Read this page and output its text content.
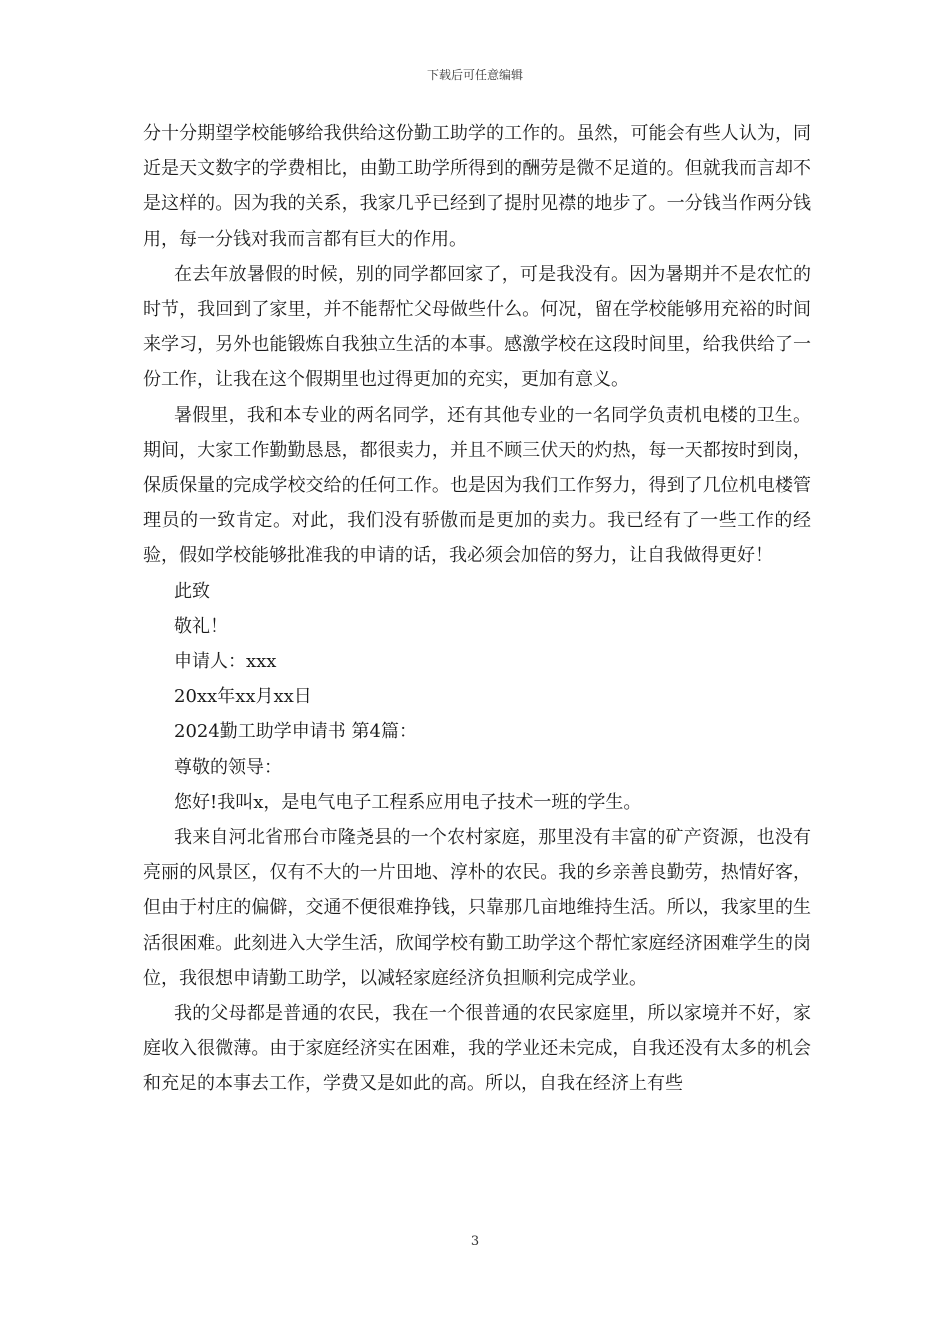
下载后可任意编辑

分十分期望学校能够给我供给这份勤工助学的工作的。虽然，可能会有些人认为，同近是天文数字的学费相比，由勤工助学所得到的酬劳是微不足道的。但就我而言却不是这样的。因为我的关系，我家几乎已经到了提肘见襟的地步了。一分钱当作两分钱用，每一分钱对我而言都有巨大的作用。

在去年放暑假的时候，别的同学都回家了，可是我没有。因为暑期并不是农忙的时节，我回到了家里，并不能帮忙父母做些什么。何况，留在学校能够用充裕的时间来学习，另外也能锻炼自我独立生活的本事。感激学校在这段时间里，给我供给了一份工作，让我在这个假期里也过得更加的充实，更加有意义。

暑假里，我和本专业的两名同学，还有其他专业的一名同学负责机电楼的卫生。期间，大家工作勤勤恳恳，都很卖力，并且不顾三伏天的灼热，每一天都按时到岗，保质保量的完成学校交给的任何工作。也是因为我们工作努力，得到了几位机电楼管理员的一致肯定。对此，我们没有骄傲而是更加的卖力。我已经有了一些工作的经验，假如学校能够批准我的申请的话，我必须会加倍的努力，让自我做得更好！

此致

敬礼！

申请人：xxx

20xx年xx月xx日

2024勤工助学申请书 第4篇：

尊敬的领导：

您好!我叫x，是电气电子工程系应用电子技术一班的学生。

我来自河北省邢台市隆尧县的一个农村家庭，那里没有丰富的矿产资源，也没有亮丽的风景区，仅有不大的一片田地、淳朴的农民。我的乡亲善良勤劳，热情好客，但由于村庄的偏僻，交通不便很难挣钱，只靠那几亩地维持生活。所以，我家里的生活很困难。此刻进入大学生活，欣闻学校有勤工助学这个帮忙家庭经济困难学生的岗位，我很想申请勤工助学，以减轻家庭经济负担顺利完成学业。

我的父母都是普通的农民，我在一个很普通的农民家庭里，所以家境并不好，家庭收入很微薄。由于家庭经济实在困难，我的学业还未完成，自我还没有太多的机会和充足的本事去工作，学费又是如此的高。所以，自我在经济上有些

3
